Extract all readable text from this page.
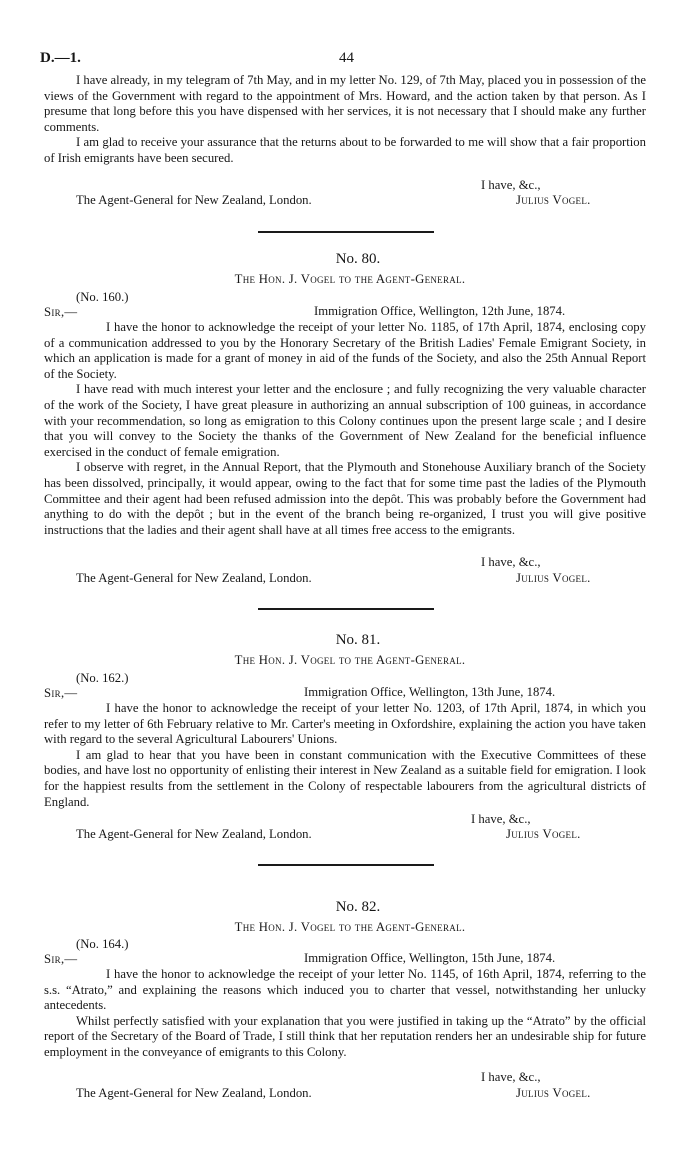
D.—1.	44

I have already, in my telegram of 7th May, and in my letter No. 129, of 7th May, placed you in possession of the views of the Government with regard to the appointment of Mrs. Howard, and the action taken by that person. As I presume that long before this you have dispensed with her services, it is not necessary that I should make any further comments.

I am glad to receive your assurance that the returns about to be forwarded to me will show that a fair proportion of Irish emigrants have been secured.

I have, &c.,
The Agent-General for New Zealand, London.	Julius Vogel.
No. 80.
The Hon. J. Vogel to the Agent-General.
(No. 160.)
Sir,—	Immigration Office, Wellington, 12th June, 1874.

I have the honor to acknowledge the receipt of your letter No. 1185, of 17th April, 1874, enclosing copy of a communication addressed to you by the Honorary Secretary of the British Ladies' Female Emigrant Society, in which an application is made for a grant of money in aid of the funds of the Society, and also the 25th Annual Report of the Society.

I have read with much interest your letter and the enclosure ; and fully recognizing the very valuable character of the work of the Society, I have great pleasure in authorizing an annual subscription of 100 guineas, in accordance with your recommendation, so long as emigration to this Colony continues upon the present large scale ; and I desire that you will convey to the Society the thanks of the Government of New Zealand for the beneficial influence exercised in the conduct of female emigration.

I observe with regret, in the Annual Report, that the Plymouth and Stonehouse Auxiliary branch of the Society has been dissolved, principally, it would appear, owing to the fact that for some time past the ladies of the Plymouth Committee and their agent had been refused admission into the depôt. This was probably before the Government had anything to do with the depôt ; but in the event of the branch being re-organized, I trust you will give positive instructions that the ladies and their agent shall have at all times free access to the emigrants.

I have, &c.,
The Agent-General for New Zealand, London.	Julius Vogel.
No. 81.
The Hon. J. Vogel to the Agent-General.
(No. 162.)
Sir,—	Immigration Office, Wellington, 13th June, 1874.

I have the honor to acknowledge the receipt of your letter No. 1203, of 17th April, 1874, in which you refer to my letter of 6th February relative to Mr. Carter's meeting in Oxfordshire, explaining the action you have taken with regard to the several Agricultural Labourers' Unions.

I am glad to hear that you have been in constant communication with the Executive Committees of these bodies, and have lost no opportunity of enlisting their interest in New Zealand as a suitable field for emigration. I look for the happiest results from the settlement in the Colony of respectable labourers from the agricultural districts of England.

I have, &c.,
The Agent-General for New Zealand, London.	Julius Vogel.
No. 82.
The Hon. J. Vogel to the Agent-General.
(No. 164.)
Sir,—	Immigration Office, Wellington, 15th June, 1874.

I have the honor to acknowledge the receipt of your letter No. 1145, of 16th April, 1874, referring to the s.s. “Atrato,” and explaining the reasons which induced you to charter that vessel, notwithstanding her unlucky antecedents.

Whilst perfectly satisfied with your explanation that you were justified in taking up the “Atrato” by the official report of the Secretary of the Board of Trade, I still think that her reputation renders her an undesirable ship for future employment in the conveyance of emigrants to this Colony.

I have, &c.,
The Agent-General for New Zealand, London.	Julius Vogel.
